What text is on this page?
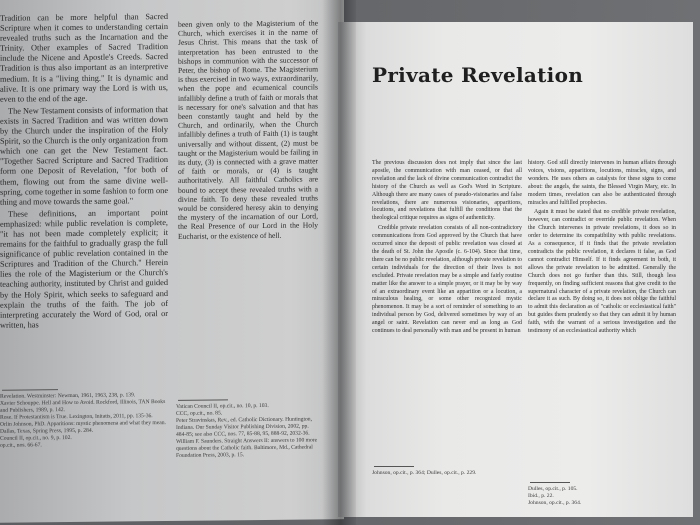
Tradition can be more helpful than Sacred Scripture when it comes to understanding certain revealed truths such as the Incarnation and the Trinity. Other examples of Sacred Tradition include the Nicene and Apostle's Creeds. Sacred Tradition is thus also important as an interpretive medium. It is a "living thing." It is dynamic and alive. It is one primary way the Lord is with us, even to the end of the age.

The New Testament consists of information that exists in Sacred Tradition and was written down by the Church under the inspiration of the Holy Spirit, so the Church is the only organization from which one can get the New Testament fact. "Together Sacred Scripture and Sacred Tradition form one Deposit of Revelation, "for both of them, flowing out from the same divine well-spring, come together in some fashion to form one thing and move towards the same goal."

These definitions, an important point emphasized: while public revelation is complete, "it has not been made completely explicit; it remains for the faithful to gradually grasp the full significance of public revelation contained in the Scriptures and Tradition of the Church." Herein lies the role of the Magisterium or the Church's teaching authority, instituted by Christ and guided by the Holy Spirit, which seeks to safeguard and explain the truths of the faith. The job of interpreting accurately the Word of God, oral or written, has

been given only to the Magisterium of the Church, which exercises it in the name of Jesus Christ. This means that the task of interpretation has been entrusted to the bishops in communion with the successor of Peter, the bishop of Rome. The Magisterium is thus exercised in two ways, extraordinarily, when the pope and ecumenical councils infallibly define a truth of faith or morals that is necessary for one's salvation and that has been constantly taught and held by the Church, and ordinarily, when the Church infallibly defines a truth of Faith (1) is taught universally and without dissent, (2) must be taught or the Magisterium would be failing in its duty, (3) is connected with a grave matter of faith or morals, or (4) is taught authoritatively. All faithful Catholics are bound to accept these revealed truths with a divine faith. To deny these revealed truths would be considered heresy akin to denying the mystery of the incarnation of our Lord, the Real Presence of our Lord in the Holy Eucharist, or the existence of hell.

Revelation. Westminster: Newman, 1961, 1963, 238, p. 139.
Xavier Schouppe. Hell and How to Avoid. Rockford, Illinois, TAN Books and Publishers, 1989, p. 142.
Rose. If Protestantism is True. Lexington, Initatis, 2011, pp. 135-36.
Orlin Johnson, PhD. Apparitions: mystic phenomena and what they mean. Dallas, Texas, Spring Press, 1995, p. 284.
Council II, op.cit., no. 9, p. 102.
op.cit., nos. 66-67.
Vatican Council II, op.cit., no. 10, p. 103.
CCC, op.cit., no. 85.
Peter Stravinskas, Rev., ed. Catholic Dictionary. Huntington, Indiana. Our Sunday Visitor Publishing Division, 2002, pp. 484-85; see also CCC, nos. 77, 85-88, 95, 888-92, 2032-36.
William F. Saunders. Straight Answers II: answers to 100 more questions about the Catholic faith. Baltimore, Md., Cathedral Foundation Press, 2003, p. 15.
Private Revelation

The previous discussion does not imply that since the last apostle, the communication with man ceased, or that all revelation and the lack of divine communication contradict the history of the Church as well as God's Word in Scripture. Although there are many cases of pseudo-visionaries and false revelations, there are numerous visionaries, apparitions, locutions, and revelations that fulfill the conditions that the theological critique requires as signs of authenticity.

Credible private revelation consists of all non-contradictory communications from God approved by the Church that have occurred since the deposit of public revelation was closed at the death of St. John the Apostle (c. 6-104). Since that time, there can be no public revelation, although private revelation to certain individuals for the direction of their lives is not excluded. Private revelation may be a simple and fairly routine matter like the answer to a simple prayer, or it may be by way of an extraordinary event like an apparition or a locution, a miraculous healing, or some other recognized mystic phenomenon. It may be a sort of reminder of something to an individual person by God, delivered sometimes by way of an angel or saint. Revelation can never end as long as God continues to deal personally with man and be present in human

history. God still directly intervenes in human affairs through voices, visions, apparitions, locutions, miracles, signs, and wonders. He uses others as catalysts for these signs to come about: the angels, the saints, the Blessed Virgin Mary, etc. In modern times, revelation can also be authenticated through miracles and fulfilled prophecies.

Again it must be stated that no credible private revelation, however, can contradict or override public revelation. When the Church intervenes in private revelations, it does so in order to determine its compatibility with public revelations. As a consequence, if it finds that the private revelation contradicts the public revelation, it declares it false, as God cannot contradict Himself. If it finds agreement in both, it allows the private revelation to be admitted. Generally the Church does not go further than this. Still, though less frequently, on finding sufficient reasons that give credit to the supernatural character of a private revelation, the Church can declare it as such. By doing so, it does not oblige the faithful to admit this declaration as of "catholic or ecclesiastical faith" but guides them prudently so that they can admit it by human faith, with the warrant of a serious investigation and the testimony of an ecclesiastical authority which

Johnson, op.cit., p. 364; Dulles, op.cit., p. 229.
Dulles, op.cit., p. 105.
Ibid., p. 22.
Johnson, op.cit., p. 364.
